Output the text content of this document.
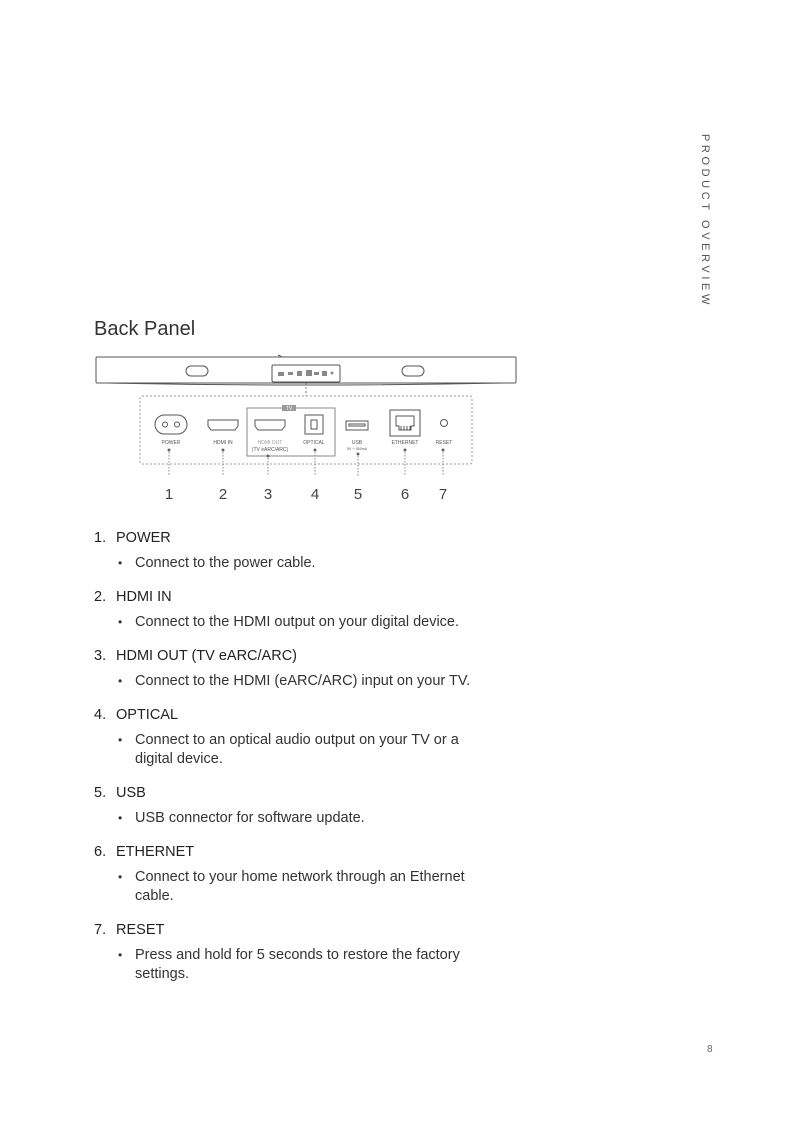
PRODUCT OVERVIEW
Back Panel
TV
POWER	HDMI IN	HDMI OUT
(TV eARC/ARC)
OPTICAL	USB
5V ⎓ 500mA
ETHERNET	RESET
1	2 3	4 5	6 7
1. POWER
• Connect to the power cable.
2. HDMI IN
• Connect to the HDMI output on your digital device.
3. HDMI OUT (TV eARC/ARC)
• Connect to the HDMI (eARC/ARC) input on your TV.
4. OPTICAL
• Connect to an optical audio output on your TV or a
digital device.
5. USB
• USB connector for software update.
6. ETHERNET
• Connect to your home network through an Ethernet
cable.
7. RESET
• Press and hold for 5 seconds to restore the factory
settings.
8
